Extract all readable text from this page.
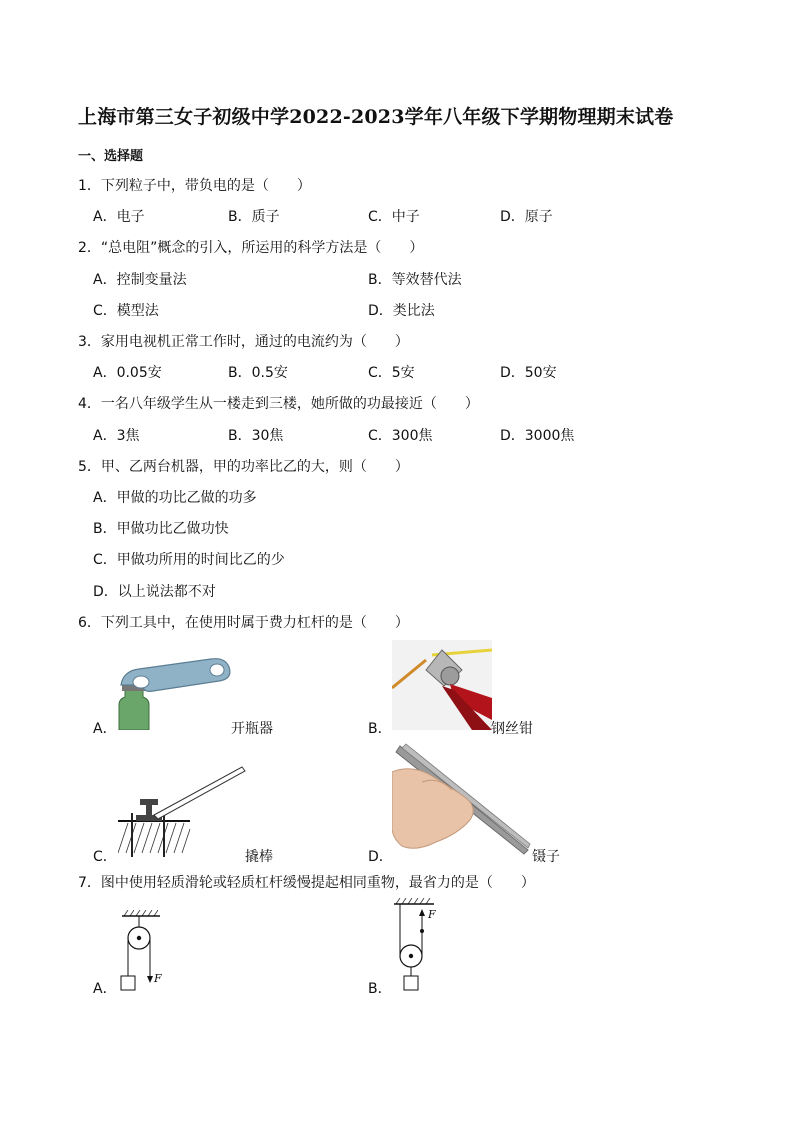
上海市第三女子初级中学2022-2023学年八年级下学期物理期末试卷
一、选择题
1．下列粒子中，带负电的是（　　）
A．电子	B．质子	C．中子	D．原子
2．“总电阻”概念的引入，所运用的科学方法是（　　）
A．控制变量法	B．等效替代法
C．模型法	D．类比法
3．家用电视机正常工作时，通过的电流约为（　　）
A．0.05安	B．0.5安	C．5安	D．50安
4．一名八年级学生从一楼走到三楼，她所做的功最接近（　　）
A．3焦	B．30焦	C．300焦	D．3000焦
5．甲、乙两台机器，甲的功率比乙的大，则（　　）
A．甲做的功比乙做的功多
B．甲做功比乙做功快
C．甲做功所用的时间比乙的少
D．以上说法都不对
6．下列工具中，在使用时属于费力杠杆的是（　　）
A．	开瓶器	B．	钢丝钳
C．	撬棒	D．	镊子
7．图中使用轻质滑轮或轻质杠杆缓慢提起相同重物，最省力的是（　　）
A．
F
B．
F
